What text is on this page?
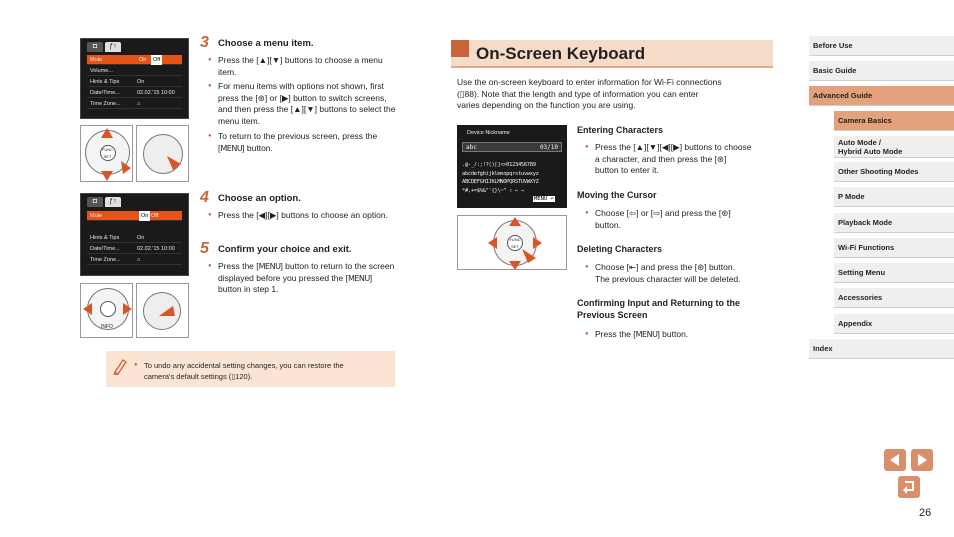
◘	ƒ↑
Mute	On	Off
Volume...
Hints & Tips	On
Date/Time...	02.02.'15 10:00
Time Zone...	⌂
FUNC SET
◘	ƒ↑
Mute	On Off
Hints & Tips	On
Date/Time...	02.02.'15 10:00
Time Zone...	⌂
INFO
3 Choose a menu item.
● Press the [▲][▼] buttons to choose a menu item.
● For menu items with options not shown, first press the [⊛] or [▶] button to switch screens, and then press the [▲][▼] buttons to select the menu item.
● To return to the previous screen, press the [MENU] button.
4 Choose an option.
● Press the [◀][▶] buttons to choose an option.
5 Confirm your choice and exit.
● Press the [MENU] button to return to the screen displayed before you pressed the [MENU] button in step 1.
● To undo any accidental setting changes, you can restore the
camera's default settings (▯120).
On-Screen Keyboard
Use the on-screen keyboard to enter information for Wi-Fi connections
(▯88). Note that the length and type of information you can enter
varies depending on the function you are using.
Device Nickname
abc	03/10
.@-_/:;!?()[]<>0123456789
abcdefghijklmnopqrstuvwxyz
ABCDEFGHIJKLMNOPQRSTUVWXYZ
*#,+=$%&"'{}\~^ ⇧ ⇦ ⇨
MENU ↩
FUNC SET
Entering Characters
● Press the [▲][▼][◀][▶] buttons to choose
a character, and then press the [⊛]
button to enter it.
Moving the Cursor
● Choose [⇦] or [⇨] and press the [⊛]
button.
Deleting Characters
● Choose [⇤] and press the [⊛] button.
The previous character will be deleted.
Confirming Input and Returning to the
Previous Screen
● Press the [MENU] button.
Before Use
Basic Guide
Advanced Guide
Camera Basics
Auto Mode /
Hybrid Auto Mode
Other Shooting Modes
P Mode
Playback Mode
Wi-Fi Functions
Setting Menu
Accessories
Appendix
Index
26
